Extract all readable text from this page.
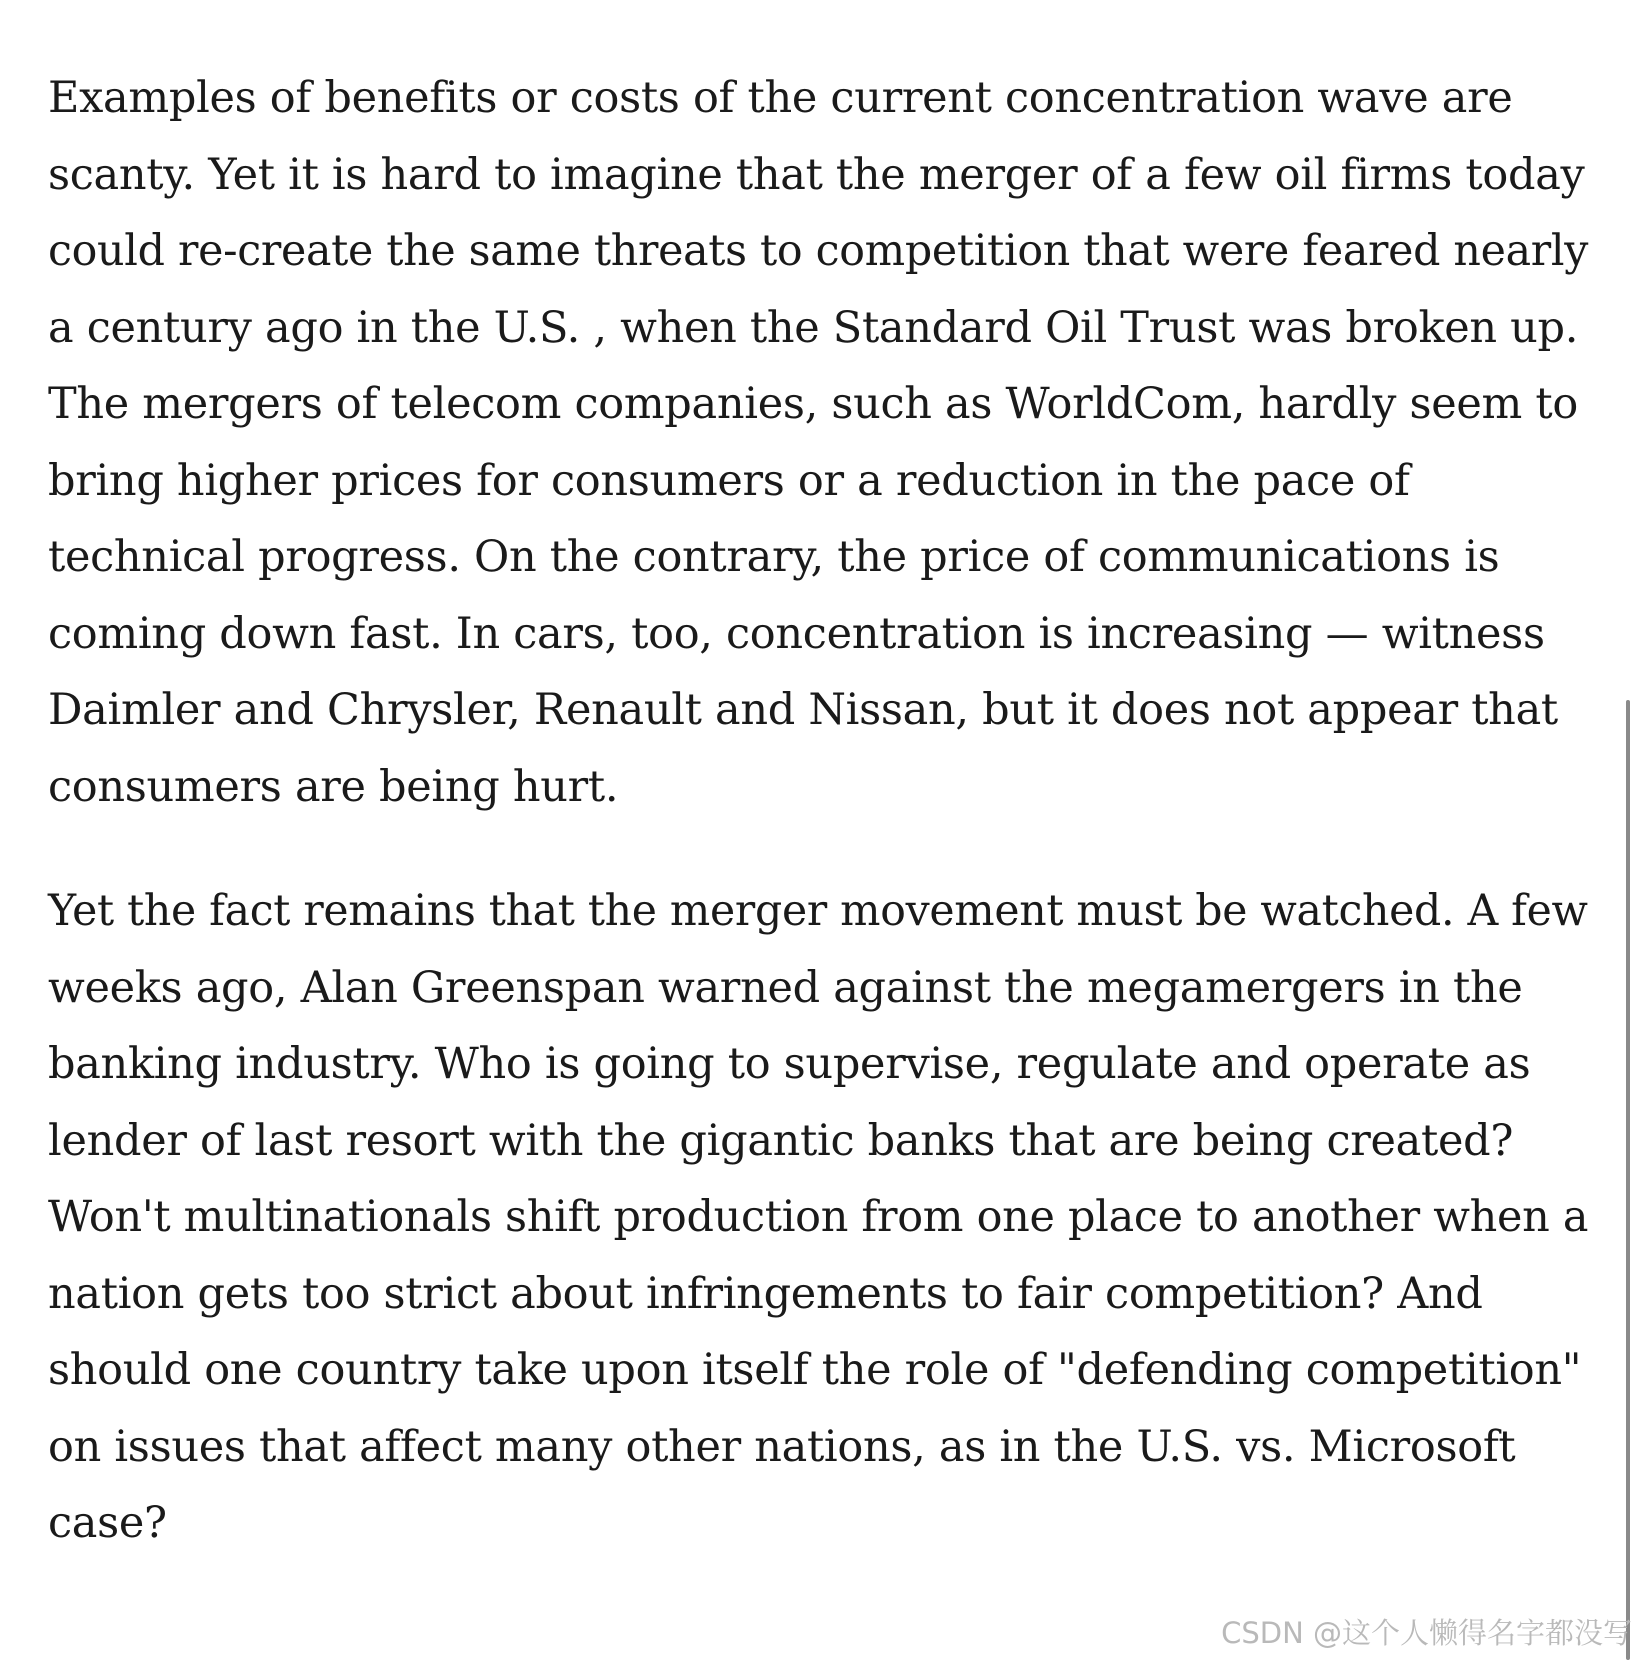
Examples of benefits or costs of the current concentration wave are
scanty. Yet it is hard to imagine that the merger of a few oil firms today
could re-create the same threats to competition that were feared nearly
a century ago in the U.S. , when the Standard Oil Trust was broken up.
The mergers of telecom companies, such as WorldCom, hardly seem to
bring higher prices for consumers or a reduction in the pace of
technical progress. On the contrary, the price of communications is
coming down fast. In cars, too, concentration is increasing — witness
Daimler and Chrysler, Renault and Nissan, but it does not appear that
consumers are being hurt.

Yet the fact remains that the merger movement must be watched. A few
weeks ago, Alan Greenspan warned against the megamergers in the
banking industry. Who is going to supervise, regulate and operate as
lender of last resort with the gigantic banks that are being created?
Won't multinationals shift production from one place to another when a
nation gets too strict about infringements to fair competition? And
should one country take upon itself the role of "defending competition"
on issues that affect many other nations, as in the U.S. vs. Microsoft
case?

CSDN @这个人懒得名字都没写
